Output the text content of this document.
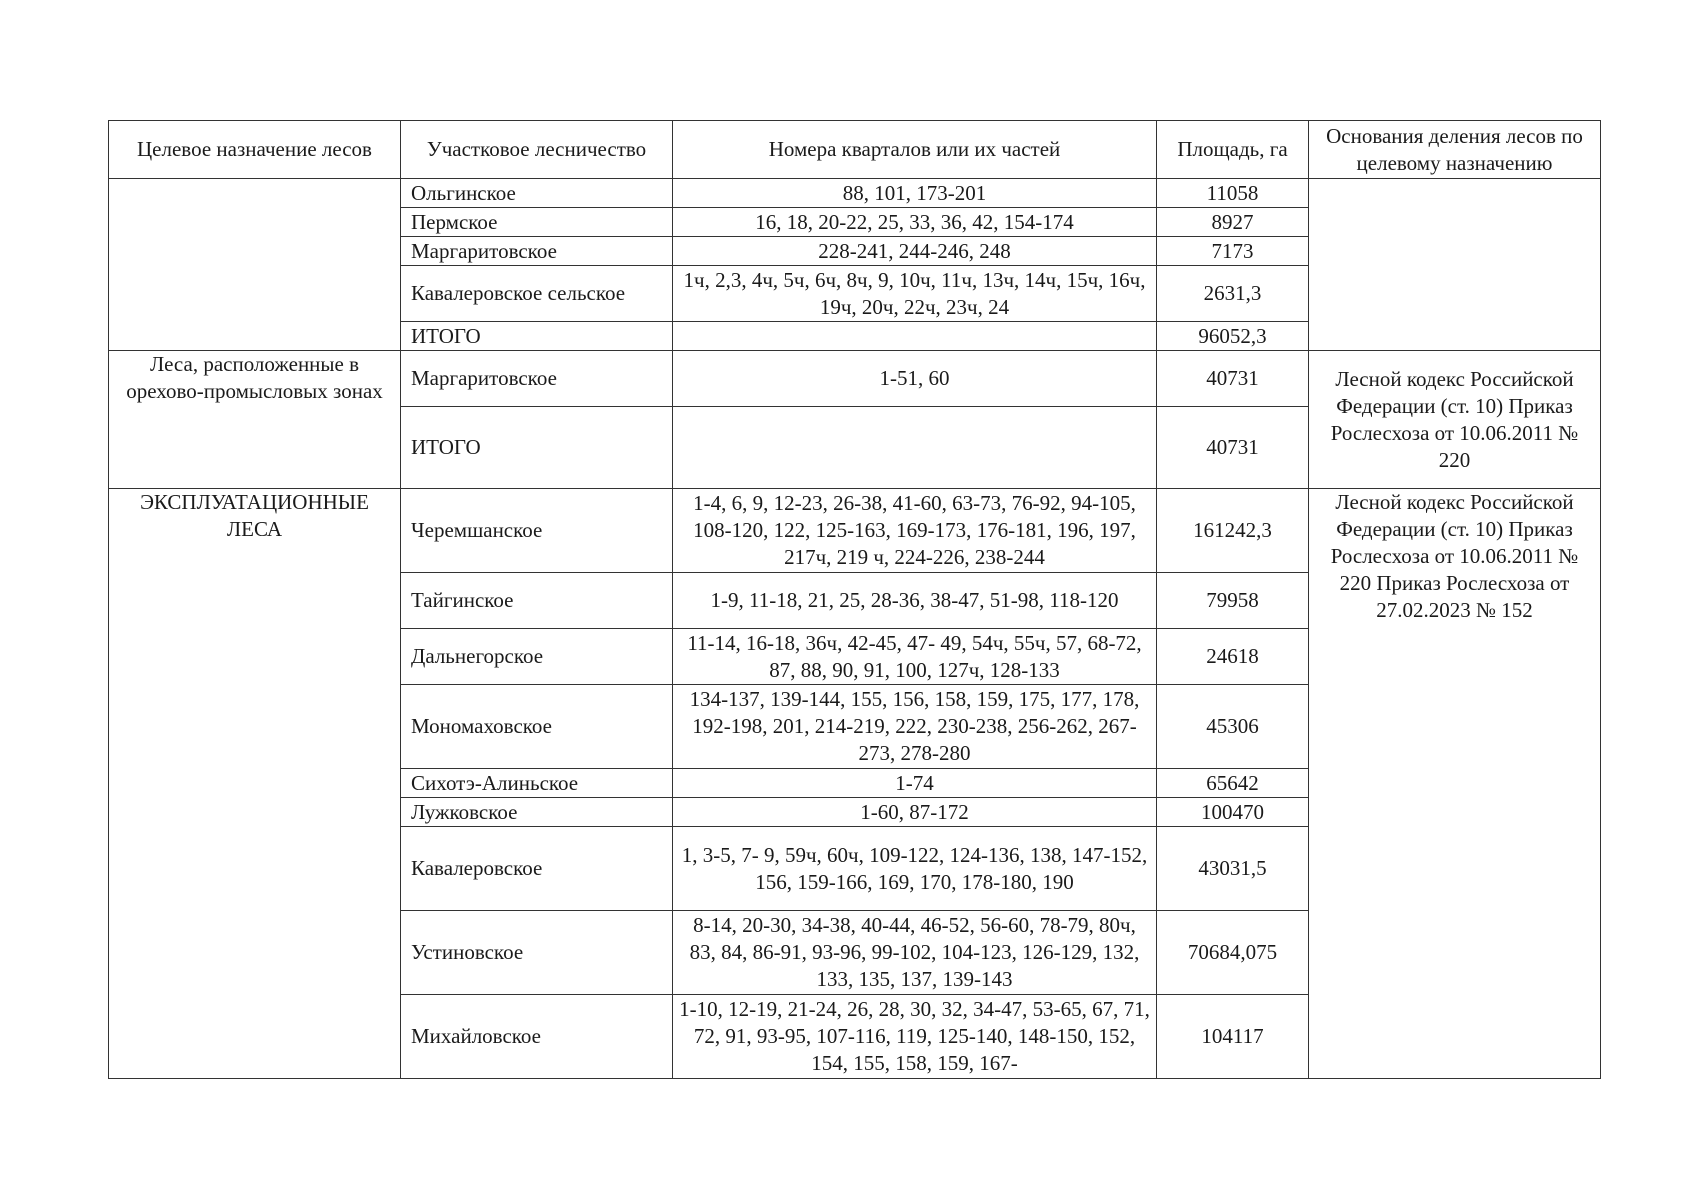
Целевое назначение лесов	Участковое лесничество	Номера кварталов или их частей	Площадь, га	Основания деления лесов по целевому назначению
	Ольгинское	88, 101, 173-201	11058	
	Пермское	16, 18, 20-22, 25, 33, 36, 42, 154-174	8927	
	Маргаритовское	228-241, 244-246, 248	7173	
	Кавалеровское сельское	1ч, 2,3, 4ч, 5ч, 6ч, 8ч, 9, 10ч, 11ч, 13ч, 14ч, 15ч, 16ч, 19ч, 20ч, 22ч, 23ч, 24	2631,3	
	ИТОГО		96052,3	
Леса, расположенные в орехово-промысловых зонах	Маргаритовское	1-51, 60	40731	Лесной кодекс Российской Федерации (ст. 10) Приказ Рослесхоза от 10.06.2011 № 220
	ИТОГО		40731	
ЭКСПЛУАТАЦИОННЫЕ ЛЕСА	Черемшанское	1-4, 6, 9, 12-23, 26-38, 41-60, 63-73, 76-92, 94-105, 108-120, 122, 125-163, 169-173, 176-181, 196, 197, 217ч, 219 ч, 224-226, 238-244	161242,3	Лесной кодекс Российской Федерации (ст. 10) Приказ Рослесхоза от 10.06.2011 № 220 Приказ Рослесхоза от 27.02.2023 № 152
	Тайгинское	1-9, 11-18, 21, 25, 28-36, 38-47, 51-98, 118-120	79958	
	Дальнегорское	11-14, 16-18, 36ч, 42-45, 47- 49, 54ч, 55ч, 57, 68-72, 87, 88, 90, 91, 100, 127ч, 128-133	24618	
	Мономаховское	134-137, 139-144, 155, 156, 158, 159, 175, 177, 178, 192-198, 201, 214-219, 222, 230-238, 256-262, 267-273, 278-280	45306	
	Сихотэ-Алиньское	1-74	65642	
	Лужковское	1-60, 87-172	100470	
	Кавалеровское	1, 3-5, 7- 9, 59ч, 60ч, 109-122, 124-136, 138, 147-152, 156, 159-166, 169, 170, 178-180, 190	43031,5	
	Устиновское	8-14, 20-30, 34-38, 40-44, 46-52, 56-60, 78-79, 80ч, 83, 84, 86-91, 93-96, 99-102, 104-123, 126-129, 132, 133, 135, 137, 139-143	70684,075	
	Михайловское	1-10, 12-19, 21-24, 26, 28, 30, 32, 34-47, 53-65, 67, 71, 72, 91, 93-95, 107-116, 119, 125-140, 148-150, 152, 154, 155, 158, 159, 167-	104117	
